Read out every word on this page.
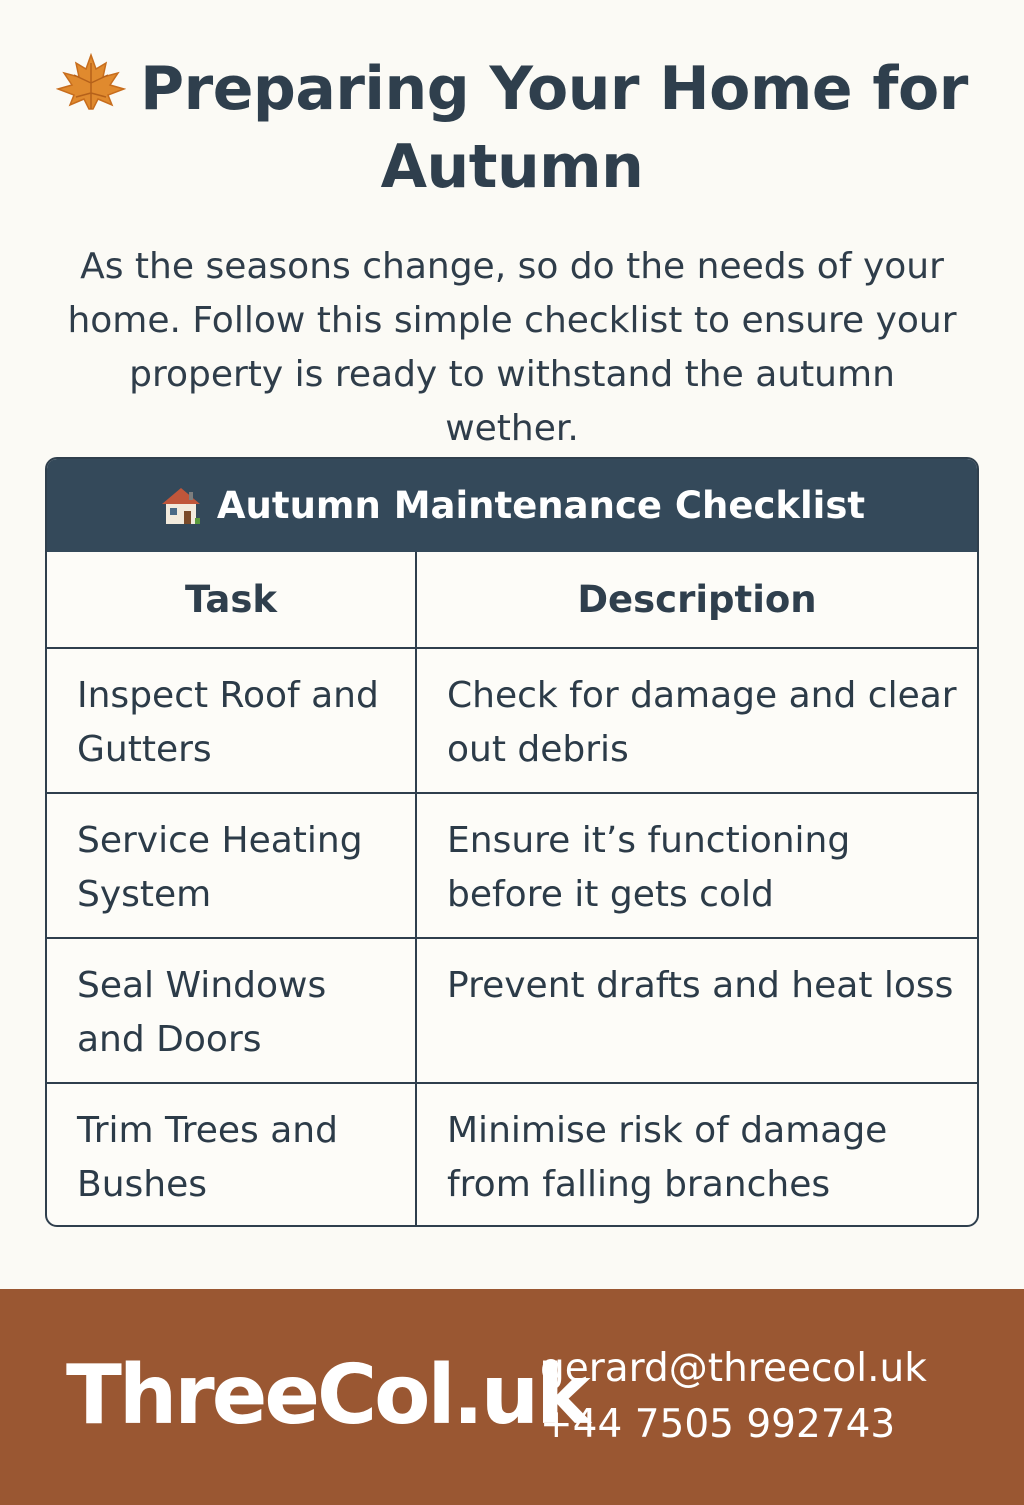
Preparing Your Home for Autumn

As the seasons change, so do the needs of your home. Follow this simple checklist to ensure your property is ready to withstand the autumn wether.

Autumn Maintenance Checklist
Task	Description
Inspect Roof and Gutters	Check for damage and clear out debris
Service Heating System	Ensure it’s functioning before it gets cold
Seal Windows and Doors	Prevent drafts and heat loss
Trim Trees and Bushes	Minimise risk of damage from falling branches
ThreeCol.uk
gerard@threecol.uk
+44 7505 992743
